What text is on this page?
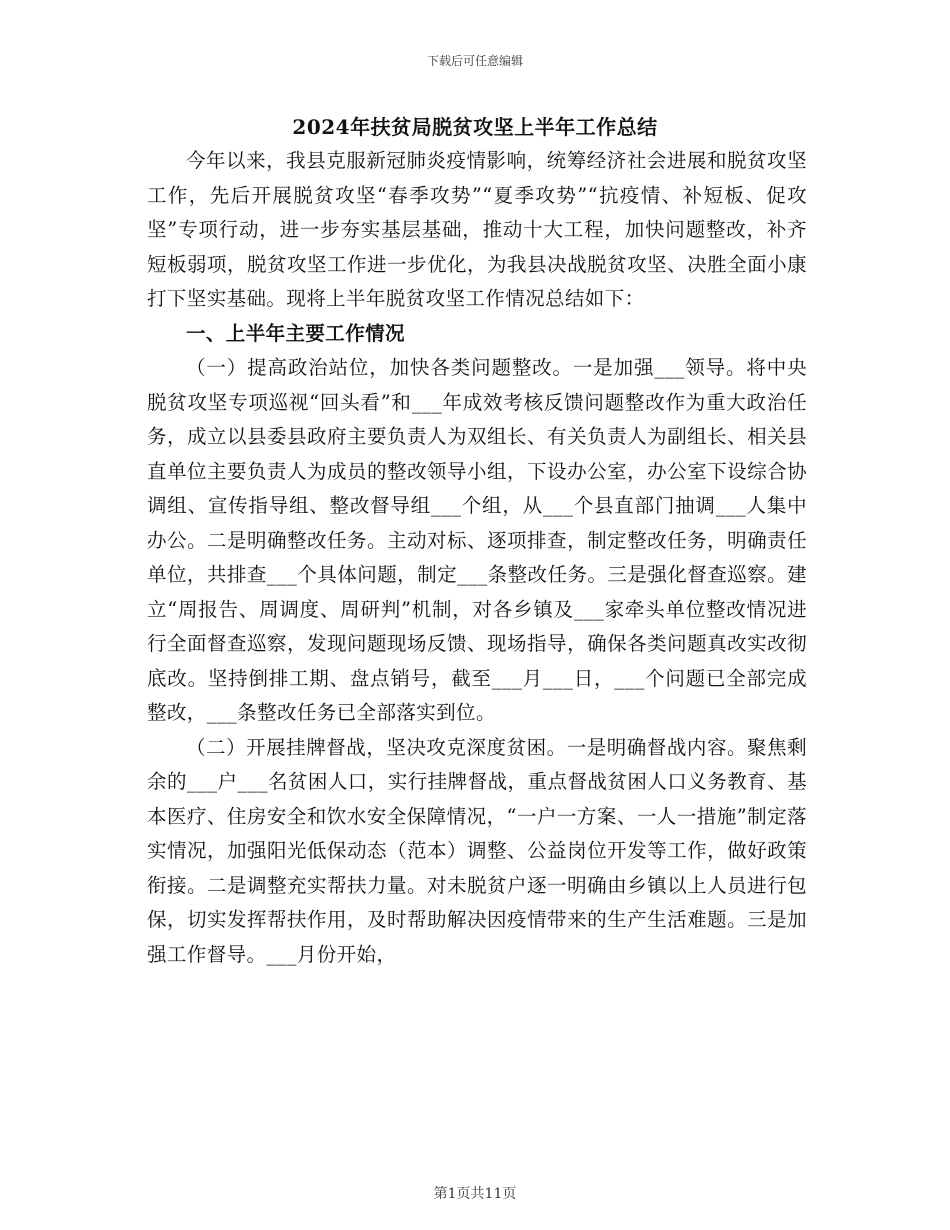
下载后可任意编辑
2024年扶贫局脱贫攻坚上半年工作总结

今年以来，我县克服新冠肺炎疫情影响，统筹经济社会进展和脱贫攻坚工作，先后开展脱贫攻坚“春季攻势”“夏季攻势”“抗疫情、补短板、促攻坚”专项行动，进一步夯实基层基础，推动十大工程，加快问题整改，补齐短板弱项，脱贫攻坚工作进一步优化，为我县决战脱贫攻坚、决胜全面小康打下坚实基础。现将上半年脱贫攻坚工作情况总结如下：

一、上半年主要工作情况

（一）提高政治站位，加快各类问题整改。一是加强___领导。将中央脱贫攻坚专项巡视“回头看”和___年成效考核反馈问题整改作为重大政治任务，成立以县委县政府主要负责人为双组长、有关负责人为副组长、相关县直单位主要负责人为成员的整改领导小组，下设办公室，办公室下设综合协调组、宣传指导组、整改督导组___个组，从___个县直部门抽调___人集中办公。二是明确整改任务。主动对标、逐项排查，制定整改任务，明确责任单位，共排查___个具体问题，制定___条整改任务。三是强化督查巡察。建立“周报告、周调度、周研判”机制，对各乡镇及___家牵头单位整改情况进行全面督查巡察，发现问题现场反馈、现场指导，确保各类问题真改实改彻底改。坚持倒排工期、盘点销号，截至___月___日，___个问题已全部完成整改，___条整改任务已全部落实到位。

（二）开展挂牌督战，坚决攻克深度贫困。一是明确督战内容。聚焦剩余的___户___名贫困人口，实行挂牌督战，重点督战贫困人口义务教育、基本医疗、住房安全和饮水安全保障情况，“一户一方案、一人一措施”制定落实情况，加强阳光低保动态（范本）调整、公益岗位开发等工作，做好政策衔接。二是调整充实帮扶力量。对未脱贫户逐一明确由乡镇以上人员进行包保，切实发挥帮扶作用，及时帮助解决因疫情带来的生产生活难题。三是加强工作督导。___月份开始，

第1页共11页
